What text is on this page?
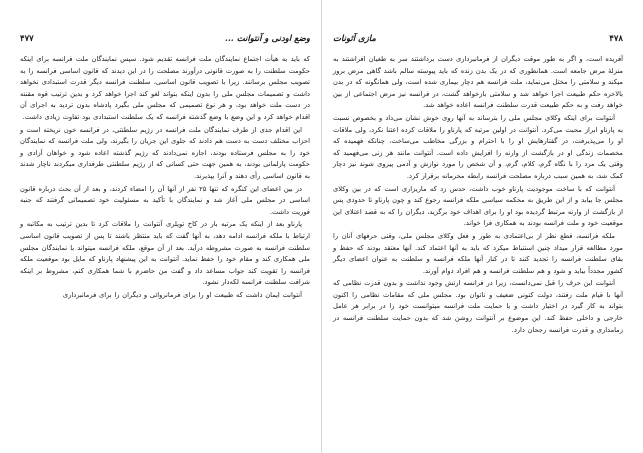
۴۷۸
مازی آثونات

آفریده است، و اگر به طور موقت دیگران از فرمانبرداری دست برداشتند سر به طغیان افراشتند به منزلهٔ مرض جامعه است. همانطوری که در یک بدن زنده که باید پیوسته سالم باشد گاهی مرض بروز میکند و سلامتی را مختل می‌نماید، ملت فرانسه هم دچار بیماری شده است، ولی همانگونه که در بدن بالاخره حکم طبیعت اجرا خواهد شد و سلامتی بازخواهد گشت، در فرانسه نیز مرض اجتماعی از بین خواهد رفت و به حکم طبیعت قدرت سلطنت فرانسه اعاده خواهد شد.

آنتوانت برای اینکه وکلای مجلس ملی را بترساند به آنها روی خوش نشان می‌داد و بخصوص نسبت به پارناو ابراز محبت می‌کرد. آنتوانت در اولین مرتبه که پارناو را ملاقات کرده اعتنا نکرد، ولی ملاقات او را می‌پذیرفت، در گفتارهایش او را با احترام و بزرگی مخاطب می‌ساخت، چنانکه فهمیده که مخصمات زندگی او در بازگشت از وارنه را افزایش داده است. آنتوانت مانند هر زنی می‌فهمید که وقتی یک مرد را با نگاه گرم، کلام، گرم، و آن شخص را مورد نوازش و آدمی پیروی شوند نیز دچار کمک شد، به همین سبب درباره مصلحت فرانسه رابطه محرمانه برقرار کرد.

آنتوانت که با ساخت موجودیت پارناو خوب داشت، حدس زد که ماریزاری است که در بین وکلای مجلس جا بیابد و از این طریق به محکمه سیاسی ملکه فرانسه رجوع کند و چون پارناو تا حدودی پس از بازگشت از وارنه مرتبط گردیده بود او را برای اهداف خود برگزید، دیگران را که به قصد اعتلای این موقعیت خود و ملت فرانسه بودند به همکاری فرا خواند.

ملکه فرانسه، قطع نظر از بی‌اعتمادی به طور و فعل وکلای مجلس ملی، وقتی حرفهای آنان را مورد مطالعه قرار میداد چنین استنباط میکرد که باید به آنها اعتماد کند. آنها معتقد بودند که حفظ و بقای سلطنت فرانسه را تجدید کنند تا در کنار آنها ملکه فرانسه و سلطنت به عنوان اعضای دیگر کشور مجدداً بیاید و شود و هم سلطنت فرانسه و هم افراد دوام آورند.

آنتوانت این حرف را قبل نمی‌دانست، زیرا در فرانسه ارتش وجود نداشت و بدون قدرت نظامی که آنها با قیام ملت رفتند، دولت کنونی ضعیف و ناتوان بود. مجلس ملی که مقامات نظامی را اکنون بتواند به کار گیرد در اختیار داشت و با حمایت ملت فرانسه میتوانست خود را در برابر هر عامل خارجی و داخلی حفظ کند. این موضوع بر آنتوانت روشن شد که بدون حمایت سلطنت فرانسه در زمامداری و قدرت فرانسه رجحان دارد.

۴۷۷	وضع اودنی و آنتوانت ...

که باید به هیأت اجتماع نمایندگان ملت فرانسه تقدیم شود. سپس نمایندگان ملت فرانسه برای اینکه حکومت سلطنت را به صورت قانونی درآورند مصلحت را در این دیدند که قانون اساسی فرانسه را به تصویب مجلس برسانند. زیرا با تصویب قانون اساسی، سلطنت فرانسه دیگر قدرت استبدادی نخواهد داشت و تصمیمات مجلس ملی را بدون اینکه بتواند لغو کند اجرا خواهد کرد و بدین ترتیب قوه مقننه در دست ملت خواهد بود، و هر نوع تصمیمی که مجلس ملی بگیرد پادشاه بدون تردید به اجرای آن اقدام خواهد کرد و این وضع با وضع گذشته فرانسه که یک سلطنت استبدادی بود تفاوت زیادی داشت.

این اقدام جدی از طرف نمایندگان ملت فرانسه در رژیم سلطنتی، در فرانسه خون نریخته است و احزاب مختلف دست به دست هم دادند که جلوی این جریان را بگیرند، ولی ملت فرانسه که نمایندگان خود را به مجلس فرستاده بودند، اجازه نمی‌دادند که رژیم گذشته اعاده شود و خواهان آزادی و حکومت پارلمانی بودند، به همین جهت حتی کسانی که از رژیم سلطنتی طرفداری میکردند ناچار شدند به قانون اساسی رأی دهند و آنرا بپذیرند.

در بین اعضای این کنگره که تنها ۲۵ نفر از آنها آن را امضاء کردند، و بعد از آن بحث درباره قانون اساسی در مجلس ملی آغاز شد و نمایندگان با تأکید به مسئولیت خود تصمیماتی گرفتند که جنبه فوریت داشت.

پارناو بعد از اینکه یک مرتبه بار در کاخ تویلری آنتوانت را ملاقات کرد تا بدین ترتیب به مکاتبه و ارتباط با ملکه فرانسه ادامه دهد، به آنها گفت که باید منتظر باشند تا پس از تصویب قانون اساسی سلطنت فرانسه به صورت مشروطه درآید. بعد از آن موقع، ملکه فرانسه میتواند با نمایندگان مجلس ملی همکاری کند و مقام خود را حفظ نماید. آنتوانت به این پیشنهاد پارناو که مایل بود موقعیت ملکه فرانسه را تقویت کند جواب مساعد داد و گفت من حاضرم با شما همکاری کنم، مشروط بر اینکه شرافت سلطنت فرانسه لکه‌دار نشود.

آنتوانت ایمان داشت که طبیعت او را برای فرمانروائی و دیگران را برای فرمانبرداری
